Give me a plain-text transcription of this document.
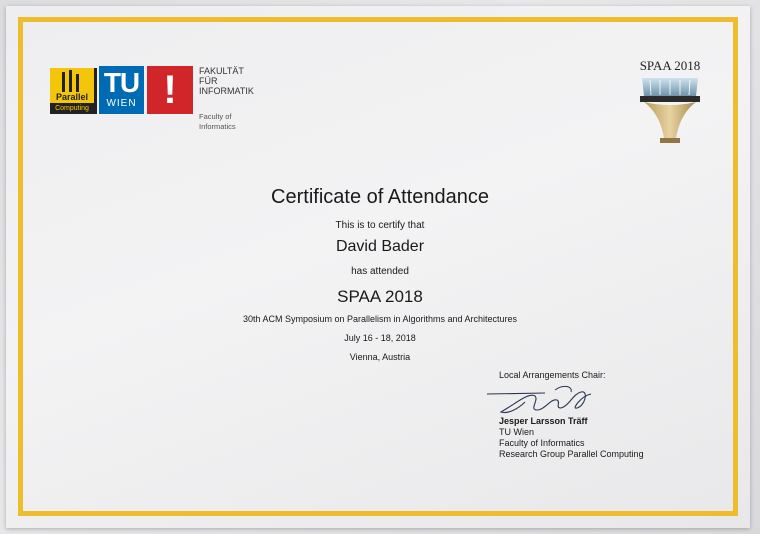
Parallel
Computing
TU
WIEN !	FAKULTÄT
FÜR INFORMATIK
Faculty of Informatics
SPAA 2018
Certificate of Attendance
This is to certify that
David Bader
has attended
SPAA 2018
30th ACM Symposium on Parallelism in Algorithms and Architectures
July 16 - 18, 2018
Vienna, Austria
Local Arrangements Chair:
Jesper Larsson Träff
TU Wien
Faculty of Informatics
Research Group Parallel Computing
